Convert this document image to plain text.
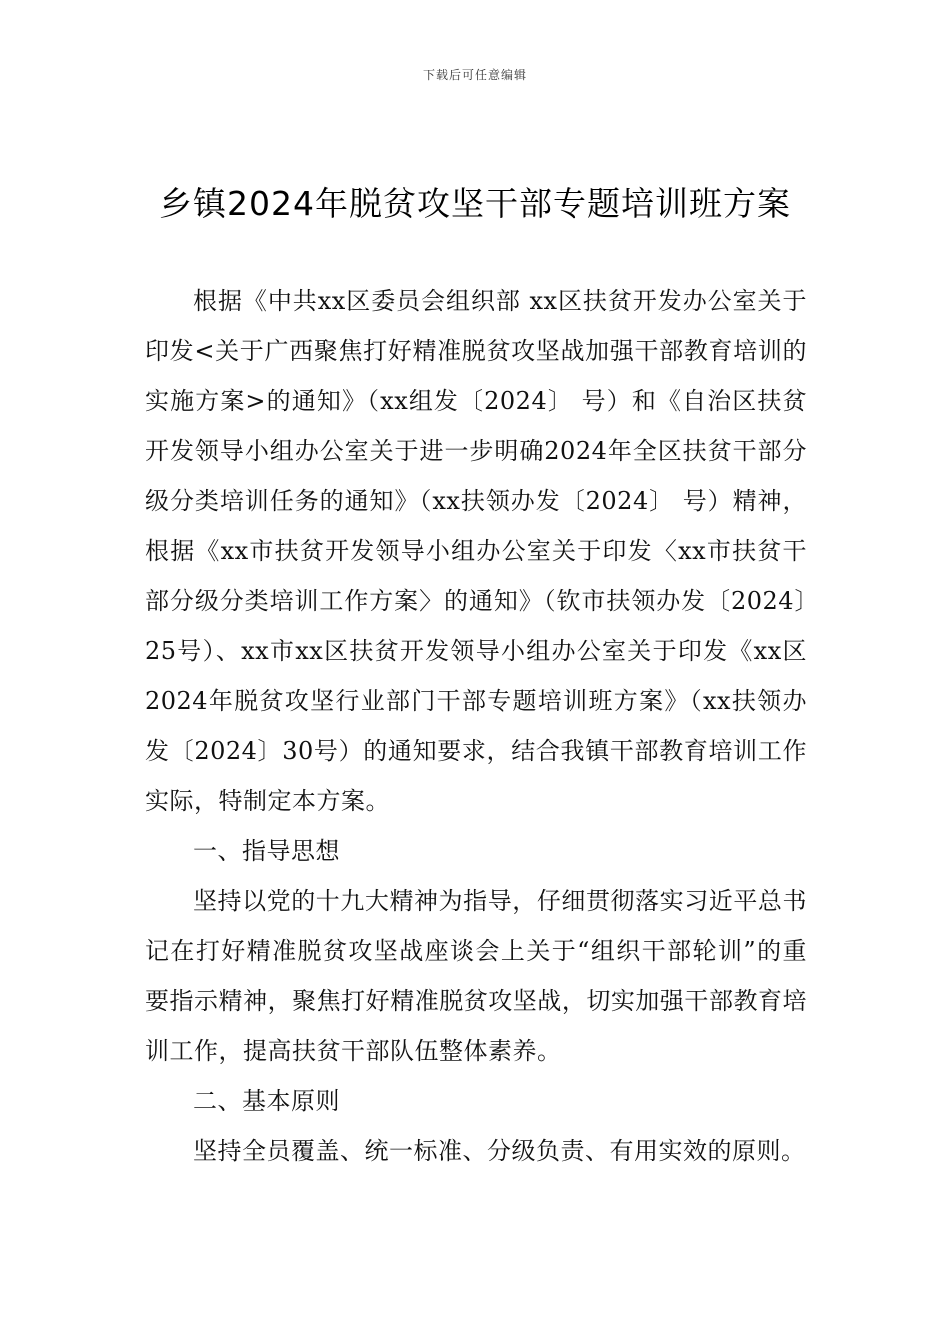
下载后可任意编辑
乡镇2024年脱贫攻坚干部专题培训班方案

根据《中共xx区委员会组织部 xx区扶贫开发办公室关于印发<关于广西聚焦打好精准脱贫攻坚战加强干部教育培训的实施方案>的通知》（xx组发〔2024〕 号）和《自治区扶贫开发领导小组办公室关于进一步明确2024年全区扶贫干部分级分类培训任务的通知》（xx扶领办发〔2024〕 号）精神，根据《xx市扶贫开发领导小组办公室关于印发〈xx市扶贫干部分级分类培训工作方案〉的通知》（钦市扶领办发〔2024〕25号）、xx市xx区扶贫开发领导小组办公室关于印发《xx区2024年脱贫攻坚行业部门干部专题培训班方案》（xx扶领办发〔2024〕30号）的通知要求，结合我镇干部教育培训工作实际，特制定本方案。

一、指导思想

坚持以党的十九大精神为指导，仔细贯彻落实习近平总书记在打好精准脱贫攻坚战座谈会上关于“组织干部轮训”的重要指示精神，聚焦打好精准脱贫攻坚战，切实加强干部教育培训工作，提高扶贫干部队伍整体素养。

二、基本原则

坚持全员覆盖、统一标准、分级负责、有用实效的原则。
